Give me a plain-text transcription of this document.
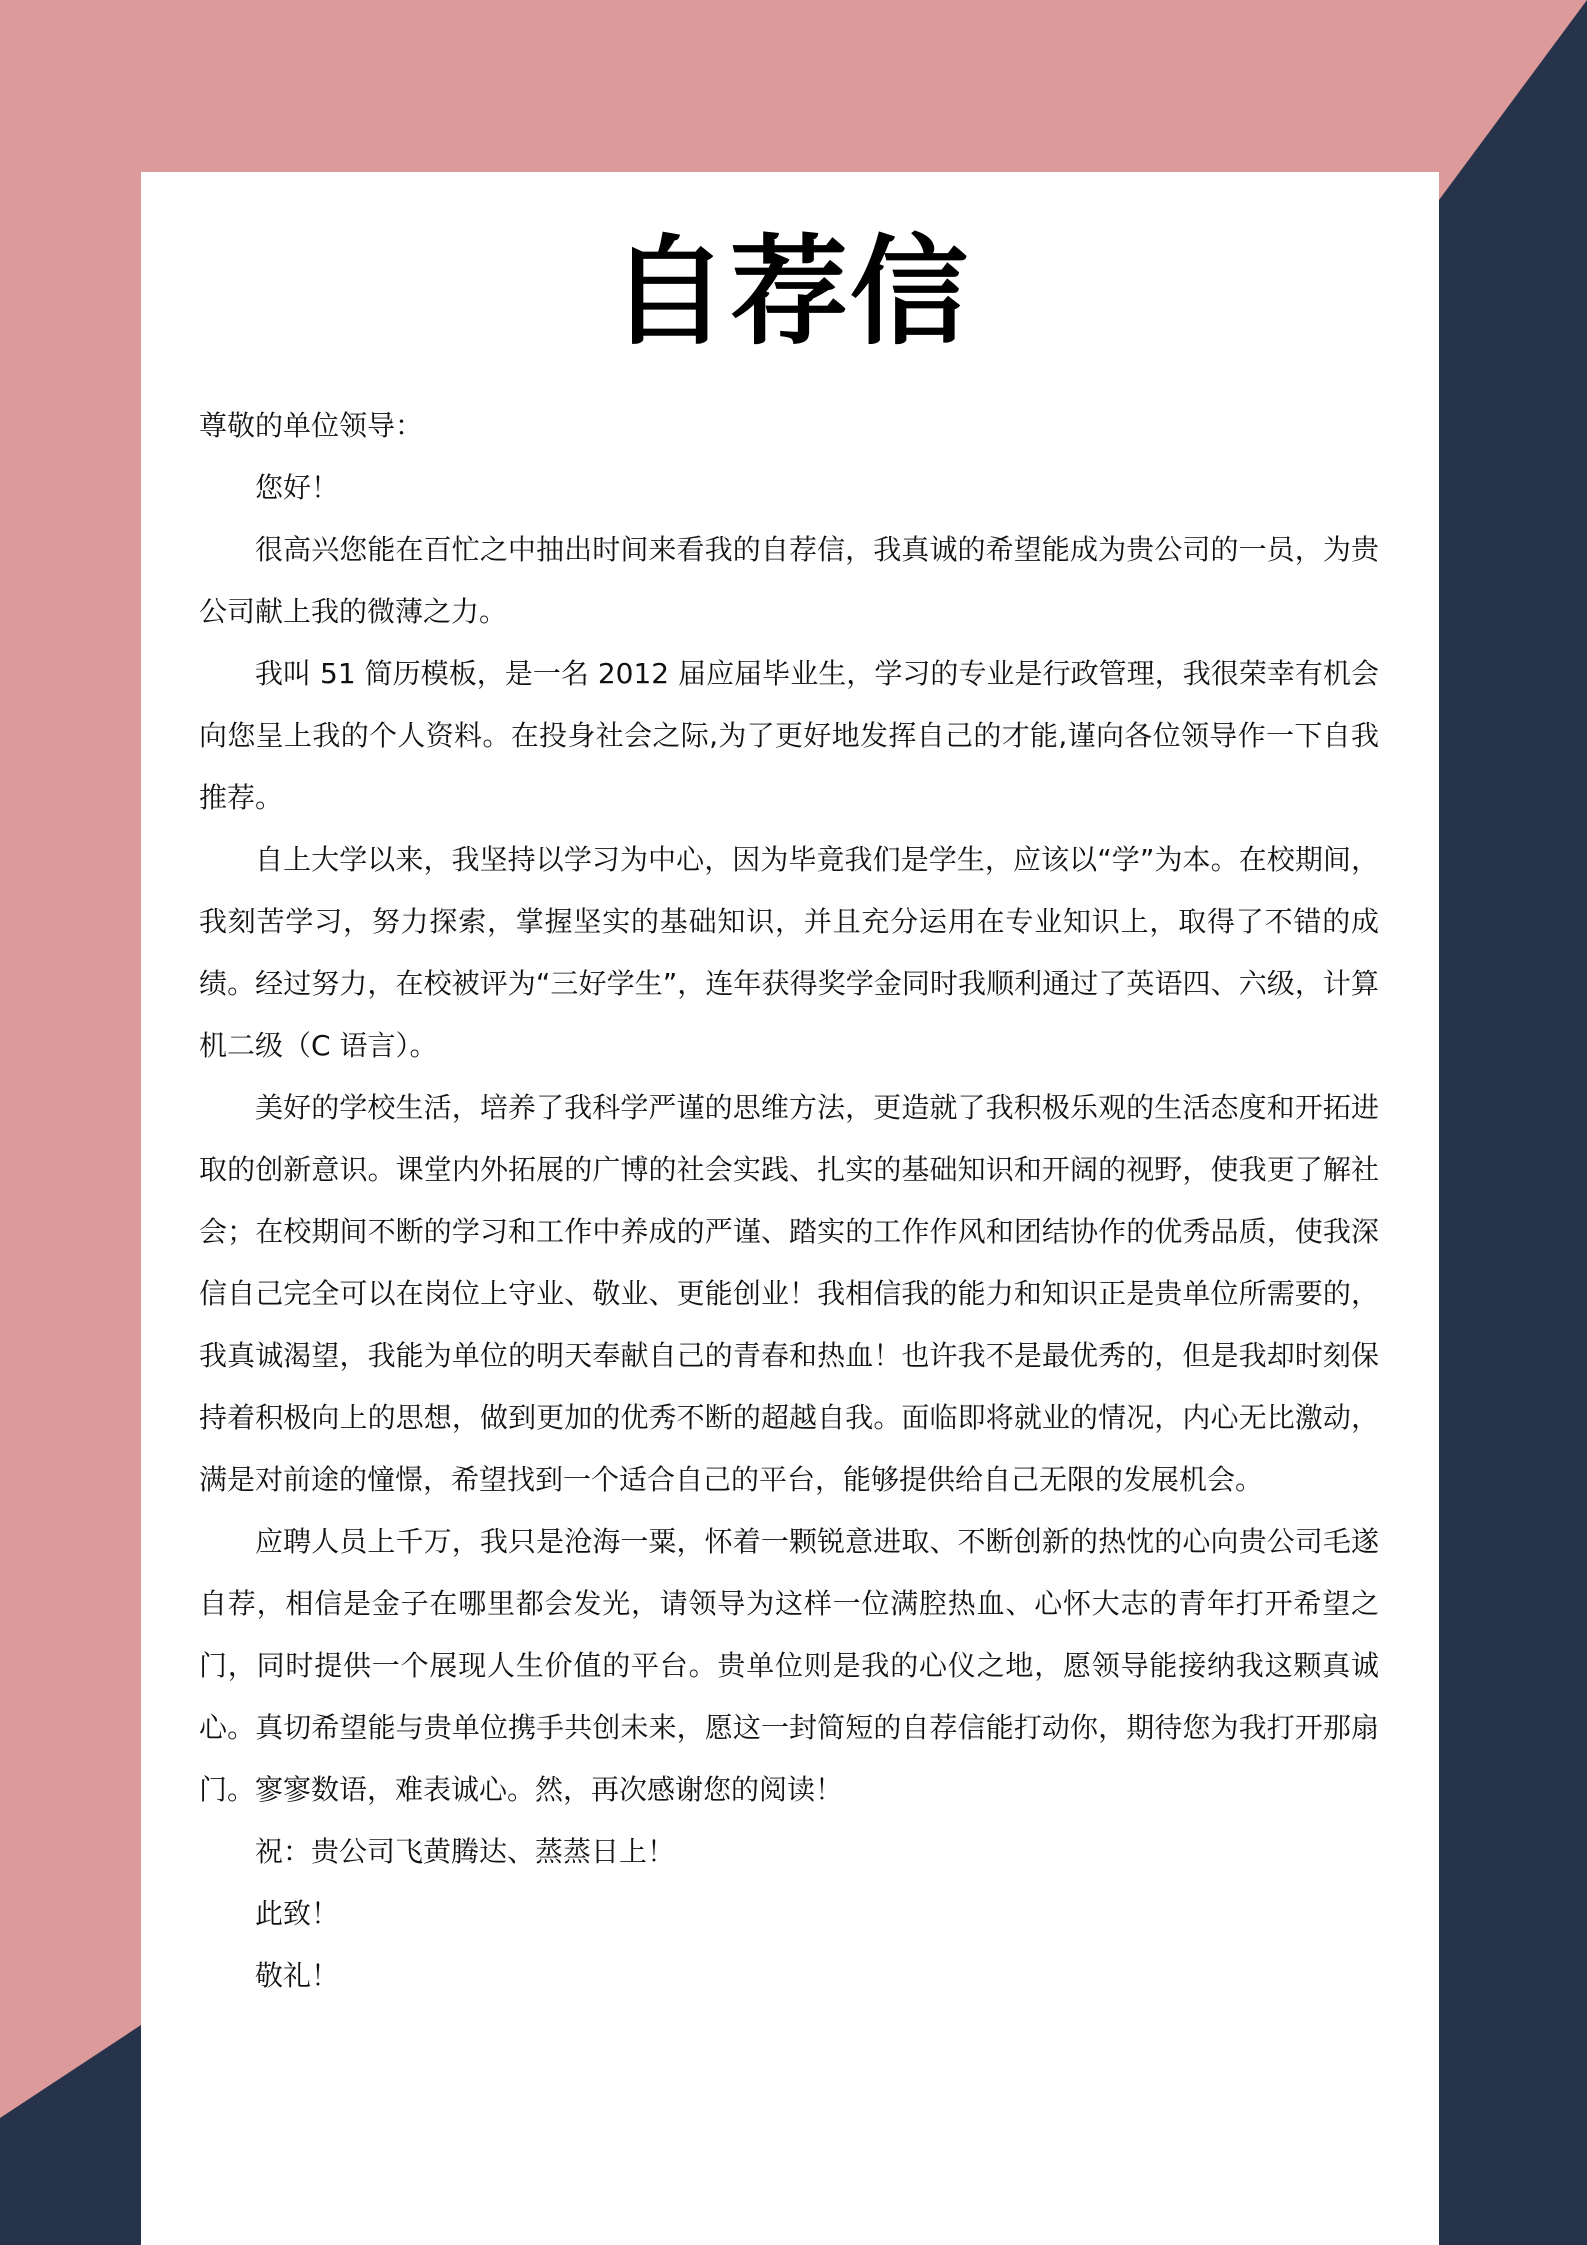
自荐信

尊敬的单位领导：

您好！

很高兴您能在百忙之中抽出时间来看我的自荐信，我真诚的希望能成为贵公司的一员，为贵公司献上我的微薄之力。

我叫 51 简历模板，是一名 2012 届应届毕业生，学习的专业是行政管理，我很荣幸有机会向您呈上我的个人资料。在投身社会之际,为了更好地发挥自己的才能,谨向各位领导作一下自我推荐。

自上大学以来，我坚持以学习为中心，因为毕竟我们是学生，应该以“学”为本。在校期间，我刻苦学习，努力探索，掌握坚实的基础知识，并且充分运用在专业知识上，取得了不错的成绩。经过努力，在校被评为“三好学生”，连年获得奖学金同时我顺利通过了英语四、六级，计算机二级（C 语言）。

美好的学校生活，培养了我科学严谨的思维方法，更造就了我积极乐观的生活态度和开拓进取的创新意识。课堂内外拓展的广博的社会实践、扎实的基础知识和开阔的视野，使我更了解社会；在校期间不断的学习和工作中养成的严谨、踏实的工作作风和团结协作的优秀品质，使我深信自己完全可以在岗位上守业、敬业、更能创业！我相信我的能力和知识正是贵单位所需要的，我真诚渴望，我能为单位的明天奉献自己的青春和热血！也许我不是最优秀的，但是我却时刻保持着积极向上的思想，做到更加的优秀不断的超越自我。面临即将就业的情况，内心无比激动，满是对前途的憧憬，希望找到一个适合自己的平台，能够提供给自己无限的发展机会。

应聘人员上千万，我只是沧海一粟，怀着一颗锐意进取、不断创新的热忱的心向贵公司毛遂自荐，相信是金子在哪里都会发光，请领导为这样一位满腔热血、心怀大志的青年打开希望之门，同时提供一个展现人生价值的平台。贵单位则是我的心仪之地，愿领导能接纳我这颗真诚心。真切希望能与贵单位携手共创未来，愿这一封简短的自荐信能打动你，期待您为我打开那扇门。寥寥数语，难表诚心。然，再次感谢您的阅读！

祝：贵公司飞黄腾达、蒸蒸日上！

此致！

敬礼！
